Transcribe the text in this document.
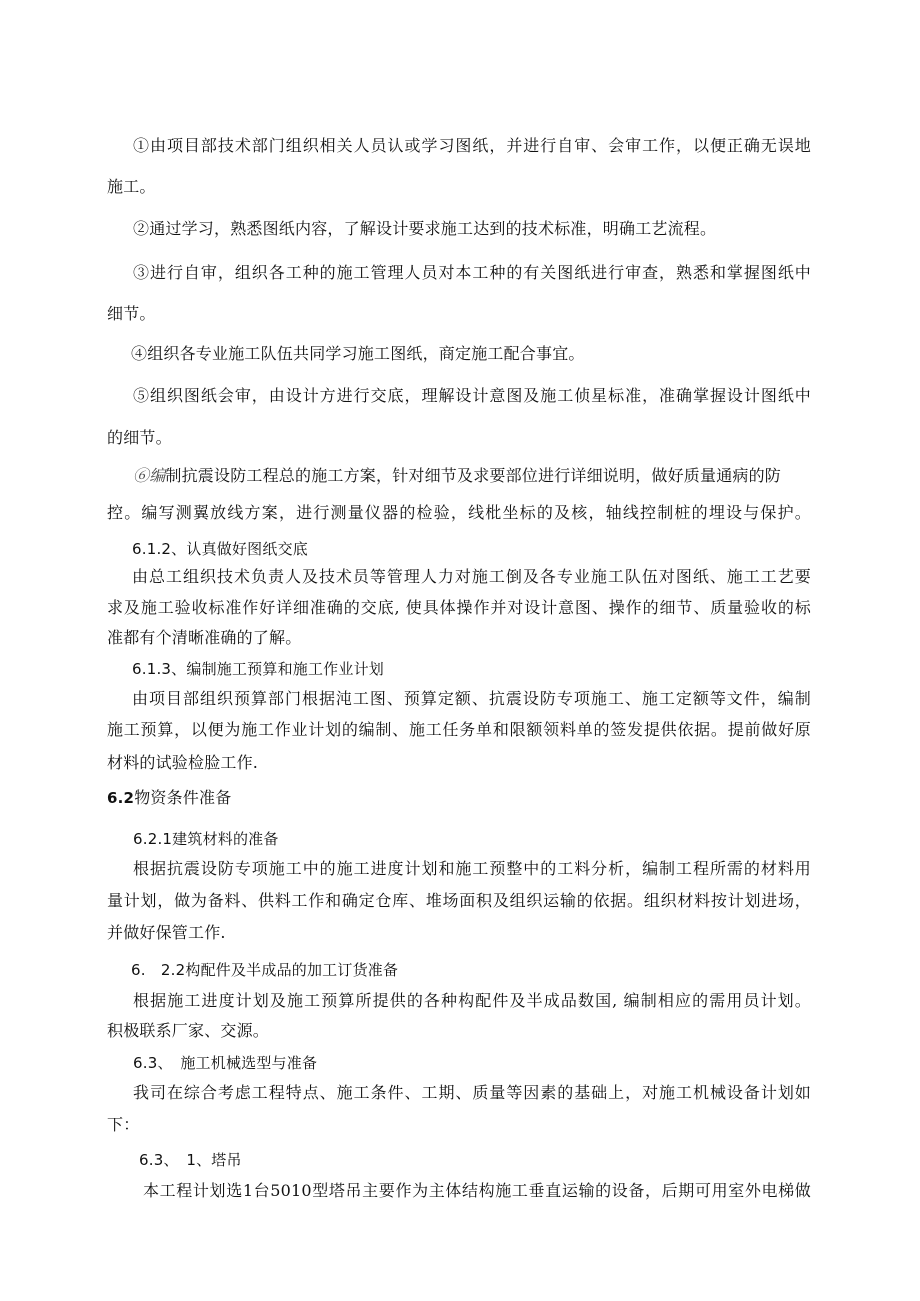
①由项目部技术部门组织相关人员认或学习图纸，并进行自审、会审工作，以便正确无误地
施工。
②通过学习，熟悉图纸内容，了解设计要求施工达到的技术标准，明确工艺流程。
③进行自审，组织各工种的施工管理人员对本工种的有关图纸进行审查，熟悉和掌握图纸中
细节。
④组织各专业施工队伍共同学习施工图纸，商定施工配合事宜。
⑤组织图纸会审，由设计方进行交底，理解设计意图及施工侦星标准，准确掌握设计图纸中
的细节。
⑥编制抗震设防工程总的施工方案，针对细节及求要部位进行详细说明，做好质量通病的防
控。编写测翼放线方案，进行测量仪器的检验，线枇坐标的及核，轴线控制桩的埋设与保护。
6.1.2、认真做好图纸交底
由总工组织技术负责人及技术员等管理人力对施工倒及各专业施工队伍对图纸、施工工艺要
求及施工验收标准作好详细准确的交底, 使具体操作并对设计意图、操作的细节、质量验收的标
准都有个清晰准确的了解。
6.1.3、编制施工预算和施工作业计划
由项目部组织预算部门根据沌工图、预算定额、抗震设防专项施工、施工定额等文件，编制
施工预算，以便为施工作业计划的编制、施工任务单和限额领料单的签发提供依据。提前做好原
材料的试验检脸工作.
6.2物资条件准备
6.2.1建筑材料的准备
根据抗震设防专项施工中的施工进度计划和施工预整中的工料分析，编制工程所需的材料用
量计划，做为备料、供料工作和确定仓库、堆场面积及组织运输的依据。组织材料按计划进场，
并做好保管工作.
6.　2.2构配件及半成品的加工订货准备
根据施工进度计划及施工预算所提供的各种构配件及半成品数国, 编制相应的需用员计划。
积极联系厂家、交源。
6.3、　施工机械选型与准备
我司在综合考虑工程特点、施工条件、工期、质量等因素的基础上，对施工机械设备计划如
下：
6.3、　1、塔吊
本工程计划选1台5010型塔吊主要作为主体结构施工垂直运输的设备，后期可用室外电梯做
